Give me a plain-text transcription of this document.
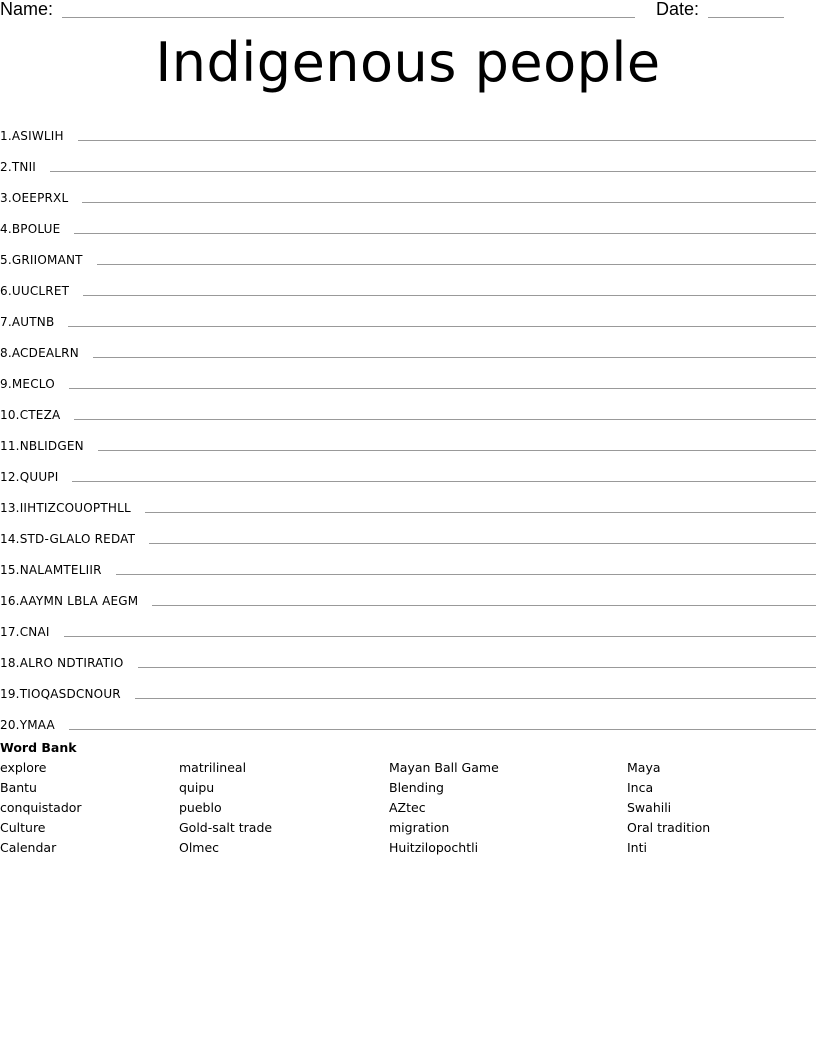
Name:	Date:
Indigenous people
1. ASIWLIH
2. TNII
3. OEEPRXL
4. BPOLUE
5. GRIIOMANT
6. UUCLRET
7. AUTNB
8. ACDEALRN
9. MECLO
10. CTEZA
11. NBLIDGEN
12. QUUPI
13. IIHTIZCOUOPTHLL
14. STD-GLALO REDAT
15. NALAMTELIIR
16. AAYMN LBLA AEGM
17. CNAI
18. ALRO NDTIRATIO
19. TIOQASDCNOUR
20. YMAA
Word Bank
explore
Bantu
conquistador
Culture
Calendar
matrilineal
quipu
pueblo
Gold-salt trade
Olmec
Mayan Ball Game
Blending
AZtec
migration
Huitzilopochtli
Maya
Inca
Swahili
Oral tradition
Inti
